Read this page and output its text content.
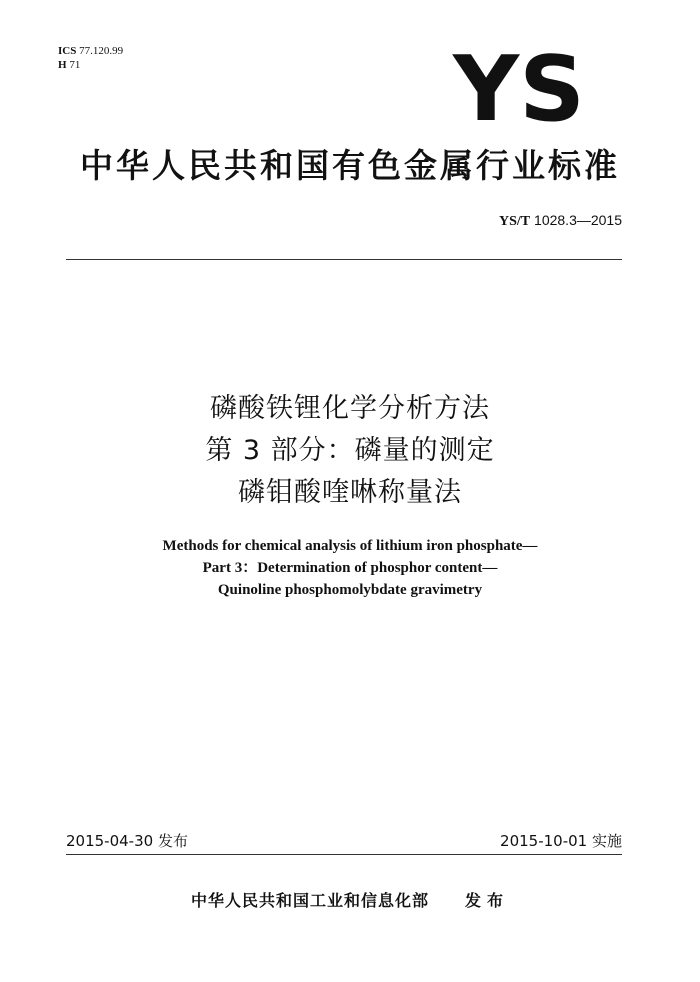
ICS 77.120.99
H 71	YS
中华人民共和国有色金属行业标准
YS/T 1028.3—2015
磷酸铁锂化学分析方法
第 3 部分：磷量的测定
磷钼酸喹啉称量法
Methods for chemical analysis of lithium iron phosphate—
Part 3：Determination of phosphor content—
Quinoline phosphomolybdate gravimetry
2015-04-30 发布	2015-10-01 实施
中华人民共和国工业和信息化部 发布
